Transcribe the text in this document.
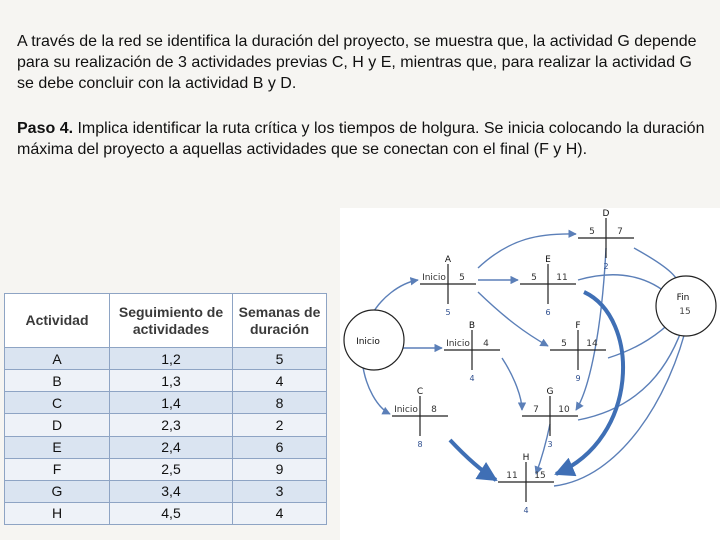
A través de la red se identifica la duración del proyecto, se muestra que, la actividad G depende para su realización de 3 actividades previas C, H y E, mientras que, para realizar la actividad G se debe concluir con la actividad B y D.

Paso 4. Implica identificar la ruta crítica y los tiempos de holgura. Se inicia colocando la duración máxima del proyecto a aquellas actividades que se conectan con el final (F y H).

Actividad	Seguimiento de actividades	Semanas de duración
A	1,2	5
B	1,3	4
C	1,4	8
D	2,3	2
E	2,4	6
F	2,5	9
G	3,4	3
H	4,5	4
Inicio
Fin
15
A
Inicio 5
5
B
Inicio 4
4
C
Inicio 8
8
D
5 7
2
E
5 11
6
F
5 14
9
G
7 10
3
H
11 15
4
